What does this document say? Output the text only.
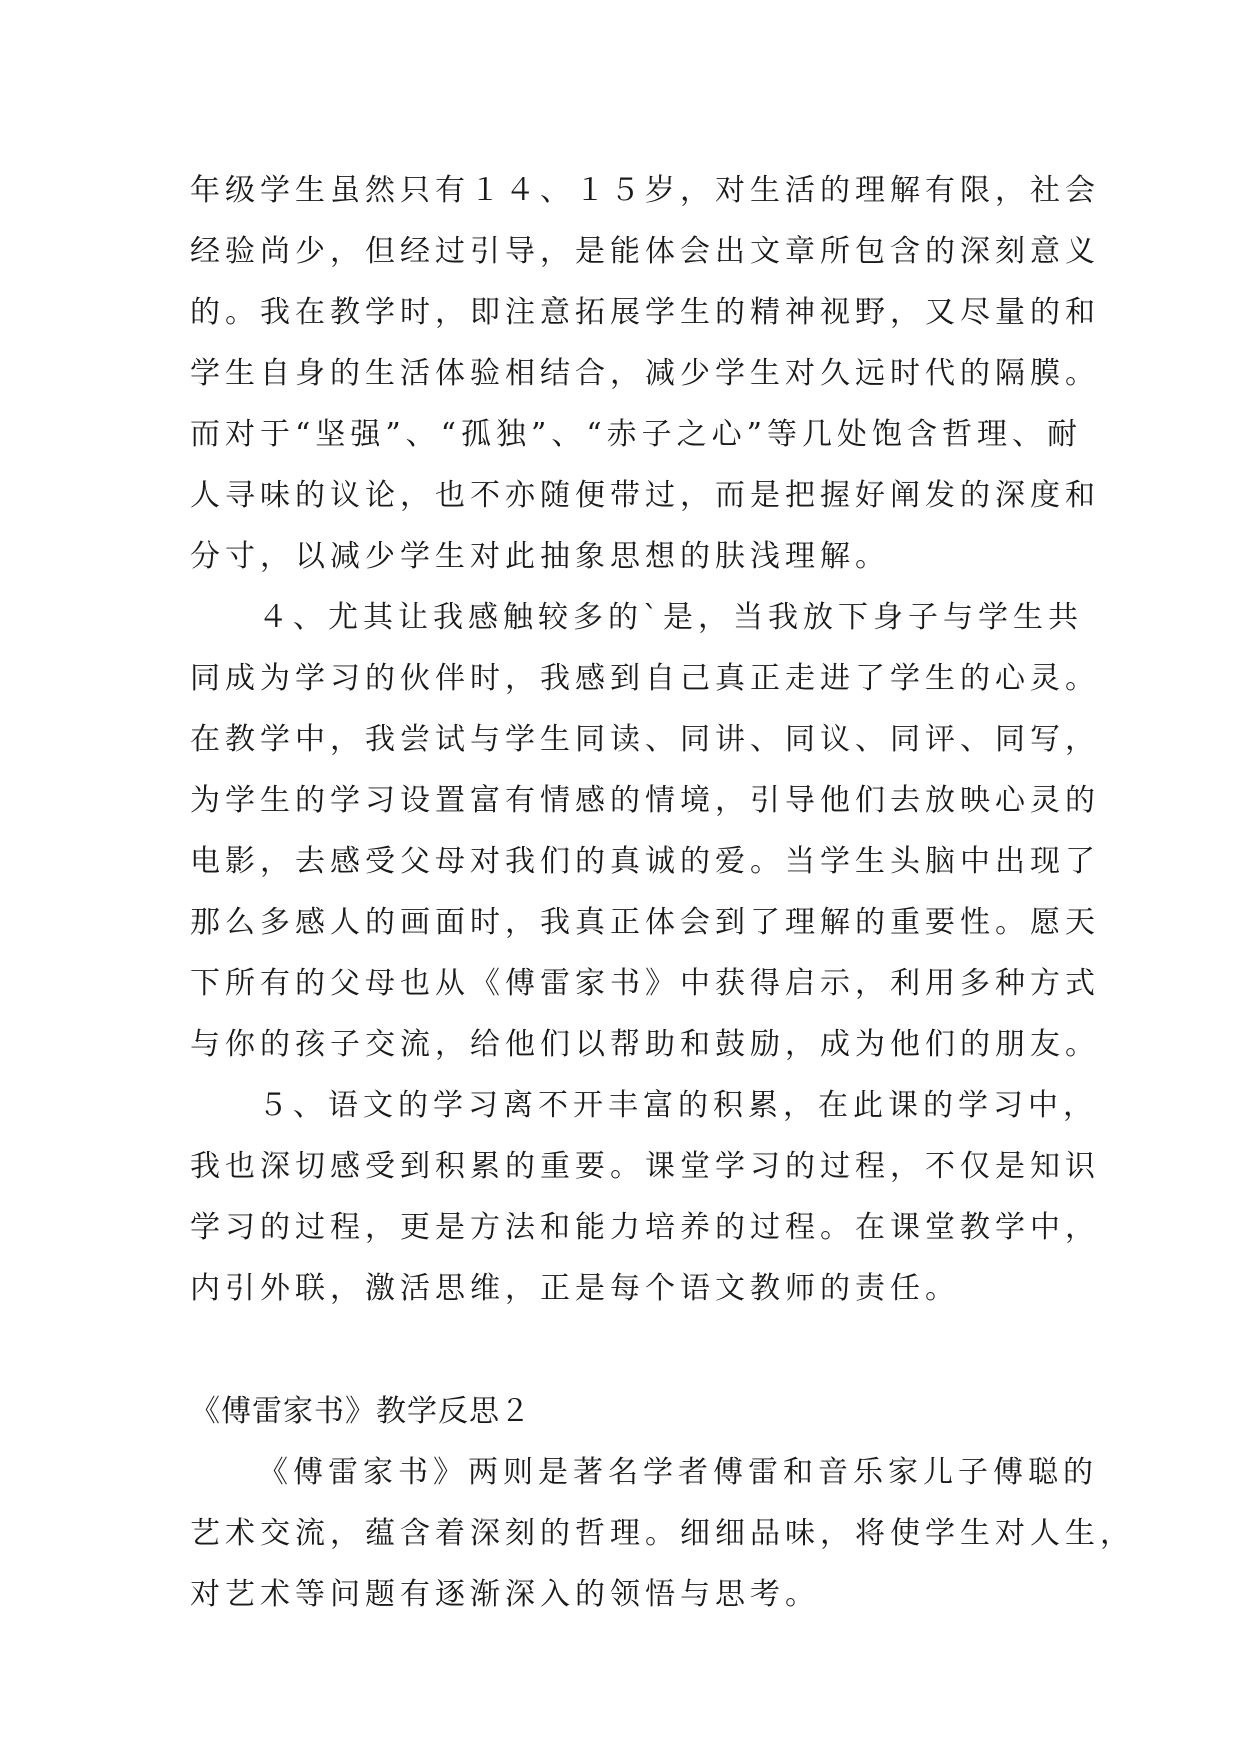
年级学生虽然只有１４、１５岁，对生活的理解有限，社会
经验尚少，但经过引导，是能体会出文章所包含的深刻意义
的。我在教学时，即注意拓展学生的精神视野，又尽量的和
学生自身的生活体验相结合，减少学生对久远时代的隔膜。
而对于“坚强”、“孤独”、“赤子之心”等几处饱含哲理、耐
人寻味的议论，也不亦随便带过，而是把握好阐发的深度和
分寸，以减少学生对此抽象思想的肤浅理解。
４、尤其让我感触较多的`是，当我放下身子与学生共
同成为学习的伙伴时，我感到自己真正走进了学生的心灵。
在教学中，我尝试与学生同读、同讲、同议、同评、同写，
为学生的学习设置富有情感的情境，引导他们去放映心灵的
电影，去感受父母对我们的真诚的爱。当学生头脑中出现了
那么多感人的画面时，我真正体会到了理解的重要性。愿天
下所有的父母也从《傅雷家书》中获得启示，利用多种方式
与你的孩子交流，给他们以帮助和鼓励，成为他们的朋友。
５、语文的学习离不开丰富的积累，在此课的学习中，
我也深切感受到积累的重要。课堂学习的过程，不仅是知识
学习的过程，更是方法和能力培养的过程。在课堂教学中，
内引外联，激活思维，正是每个语文教师的责任。
《傅雷家书》教学反思２
《傅雷家书》两则是著名学者傅雷和音乐家儿子傅聪的
艺术交流，蕴含着深刻的哲理。细细品味，将使学生对人生，
对艺术等问题有逐渐深入的领悟与思考。
